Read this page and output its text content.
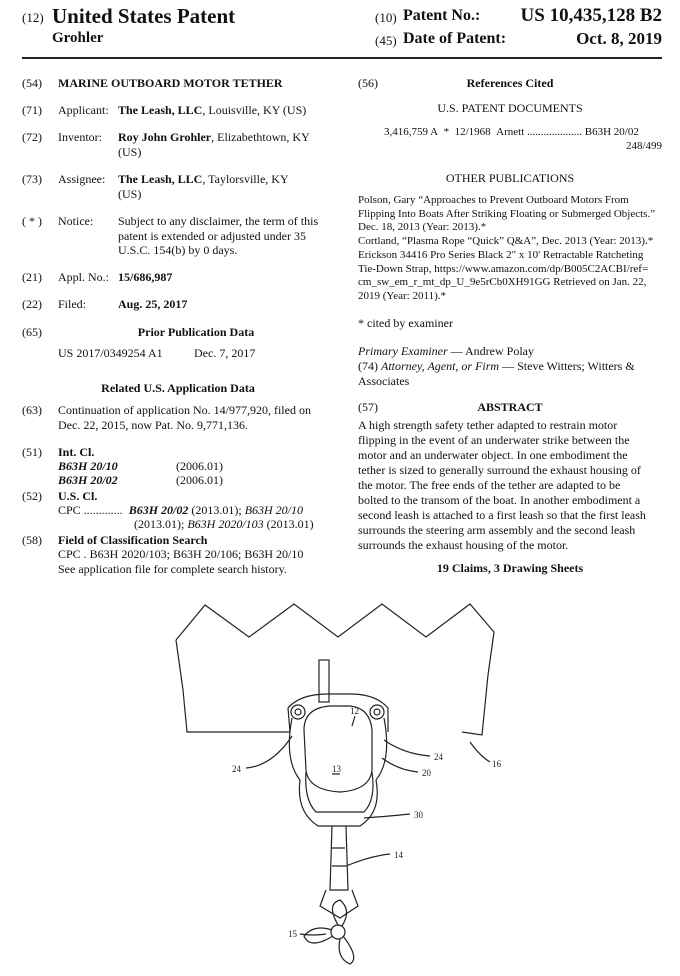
(12) United States Patent
Grohler
(10) Patent No.: US 10,435,128 B2
(45) Date of Patent:	Oct. 8, 2019
(54)	MARINE OUTBOARD MOTOR TETHER
(71)	Applicant: The Leash, LLC, Louisville, KY (US)
(72)	Inventor: Roy John Grohler, Elizabethtown, KY
(US)
(73)	Assignee: The Leash, LLC, Taylorsville, KY
(US)
( * )	Notice: Subject to any disclaimer, the term of this
patent is extended or adjusted under 35
U.S.C. 154(b) by 0 days.
(21)	Appl. No.: 15/686,987
(22)	Filed:	Aug. 25, 2017
(65)	Prior Publication Data
US 2017/0349254 A1	Dec. 7, 2017
Related U.S. Application Data
(63)	Continuation of application No. 14/977,920, filed on
Dec. 22, 2015, now Pat. No. 9,771,136.
(51)	Int. Cl.
B63H 20/10	(2006.01)
B63H 20/02	(2006.01)
(52)	U.S. Cl.
CPC ............. B63H 20/02 (2013.01); B63H 20/10
(2013.01); B63H 2020/103 (2013.01)
(58)	Field of Classification Search
CPC . B63H 2020/103; B63H 20/106; B63H 20/10
See application file for complete search history.
(56)	References Cited
U.S. PATENT DOCUMENTS
3,416,759 A * 12/1968 Arnett .................... B63H 20/02
248/499
OTHER PUBLICATIONS
Polson, Gary “Approaches to Prevent Outboard Motors From
Flipping Into Boats After Striking Floating or Submerged Objects.”
Dec. 18, 2013 (Year: 2013).*
Cortland, “Plasma Rope “Quick” Q&A”, Dec. 2013 (Year: 2013).*
Erickson 34416 Pro Series Black 2" x 10' Retractable Ratcheting
Tie-Down Strap, https://www.amazon.com/dp/B005C2ACBI/ref=
cm_sw_em_r_mt_dp_U_9e5rCb0XH91GG Retrieved on Jan. 22,
2019 (Year: 2011).*
* cited by examiner
Primary Examiner — Andrew Polay
(74) Attorney, Agent, or Firm — Steve Witters; Witters &
Associates
(57)	ABSTRACT
A high strength safety tether adapted to restrain motor
flipping in the event of an underwater strike between the
motor and an underwater object. In one embodiment the
tether is sized to generally surround the exhaust housing of
the motor. The free ends of the tether are adapted to be
bolted to the transom of the boat. In another embodiment a
second leash is attached to a first leash so that the first leash
surrounds the steering arm assembly and the second leash
surrounds the exhaust housing of the motor.
19 Claims, 3 Drawing Sheets
12
13
14
15
16
20
24
24
30
